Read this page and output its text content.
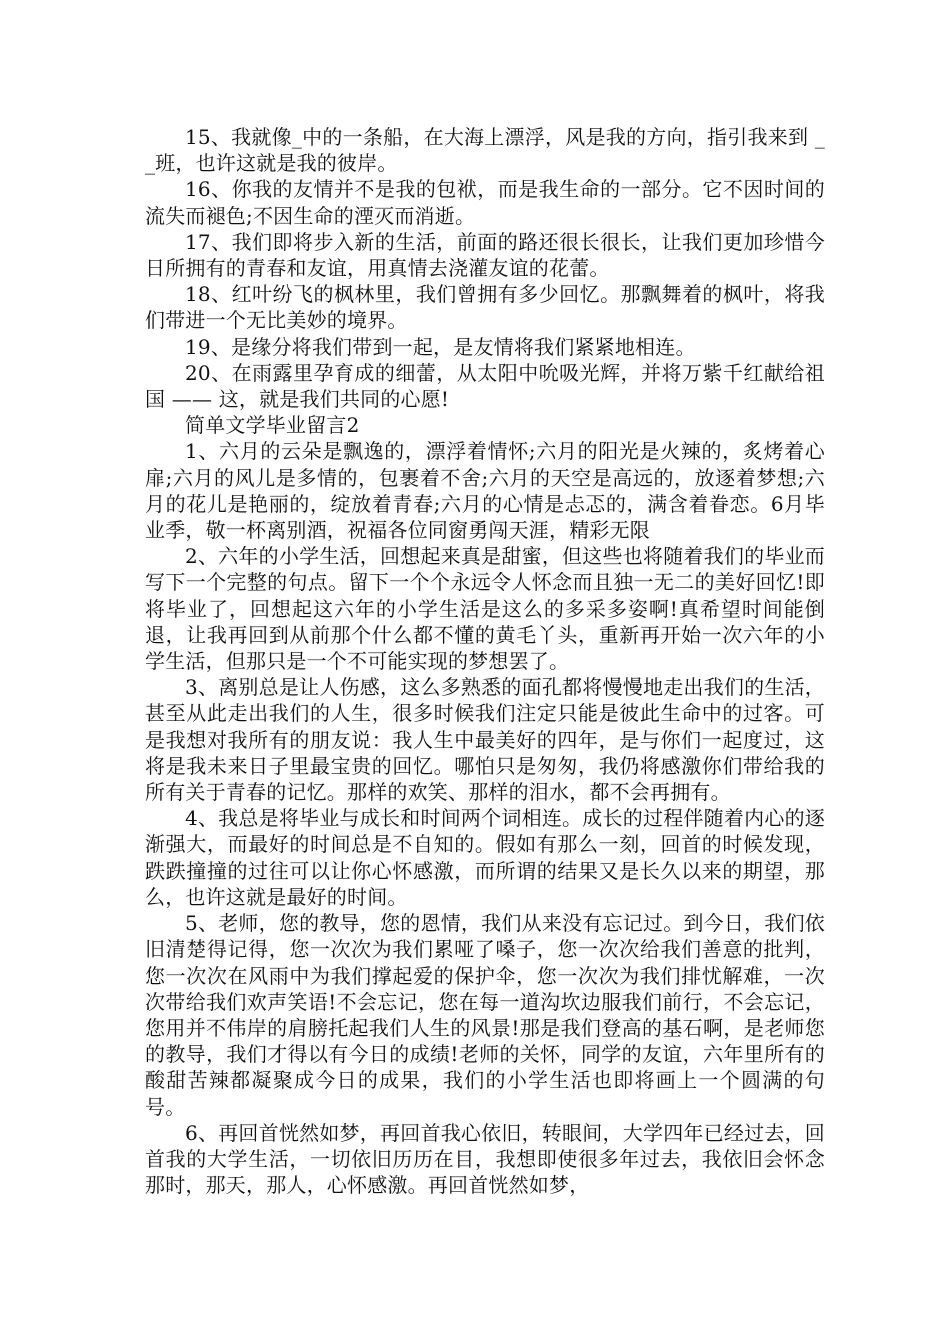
15、我就像_中的一条船，在大海上漂浮，风是我的方向，指引我来到 __班，也许这就是我的彼岸。

16、你我的友情并不是我的包袱，而是我生命的一部分。它不因时间的流失而褪色;不因生命的湮灭而消逝。

17、我们即将步入新的生活，前面的路还很长很长，让我们更加珍惜今日所拥有的青春和友谊，用真情去浇灌友谊的花蕾。

18、红叶纷飞的枫林里，我们曾拥有多少回忆。那飘舞着的枫叶，将我们带进一个无比美妙的境界。

19、是缘分将我们带到一起，是友情将我们紧紧地相连。

20、在雨露里孕育成的细蕾，从太阳中吮吸光辉，并将万紫千红献给祖国 —— 这，就是我们共同的心愿!

简单文学毕业留言2

1、六月的云朵是飘逸的，漂浮着情怀;六月的阳光是火辣的，炙烤着心扉;六月的风儿是多情的，包裹着不舍;六月的天空是高远的，放逐着梦想;六月的花儿是艳丽的，绽放着青春;六月的心情是忐忑的，满含着眷恋。6月毕业季，敬一杯离别酒，祝福各位同窗勇闯天涯，精彩无限

2、六年的小学生活，回想起来真是甜蜜，但这些也将随着我们的毕业而写下一个完整的句点。留下一个个永远令人怀念而且独一无二的美好回忆!即将毕业了，回想起这六年的小学生活是这么的多采多姿啊!真希望时间能倒退，让我再回到从前那个什么都不懂的黄毛丫头，重新再开始一次六年的小学生活，但那只是一个不可能实现的梦想罢了。

3、离别总是让人伤感，这么多熟悉的面孔都将慢慢地走出我们的生活，甚至从此走出我们的人生，很多时候我们注定只能是彼此生命中的过客。可是我想对我所有的朋友说：我人生中最美好的四年，是与你们一起度过，这将是我未来日子里最宝贵的回忆。哪怕只是匆匆，我仍将感激你们带给我的所有关于青春的记忆。那样的欢笑、那样的泪水，都不会再拥有。

4、我总是将毕业与成长和时间两个词相连。成长的过程伴随着内心的逐渐强大，而最好的时间总是不自知的。假如有那么一刻，回首的时候发现，跌跌撞撞的过往可以让你心怀感激，而所谓的结果又是长久以来的期望，那么，也许这就是最好的时间。

5、老师，您的教导，您的恩情，我们从来没有忘记过。到今日，我们依旧清楚得记得，您一次次为我们累哑了嗓子，您一次次给我们善意的批判，您一次次在风雨中为我们撑起爱的保护伞，您一次次为我们排忧解难，一次次带给我们欢声笑语!不会忘记，您在每一道沟坎边服我们前行，不会忘记，您用并不伟岸的肩膀托起我们人生的风景!那是我们登高的基石啊，是老师您的教导，我们才得以有今日的成绩!老师的关怀，同学的友谊，六年里所有的酸甜苦辣都凝聚成今日的成果，我们的小学生活也即将画上一个圆满的句号。

6、再回首恍然如梦，再回首我心依旧，转眼间，大学四年已经过去，回首我的大学生活，一切依旧历历在目，我想即使很多年过去，我依旧会怀念那时，那天，那人，心怀感激。再回首恍然如梦，
